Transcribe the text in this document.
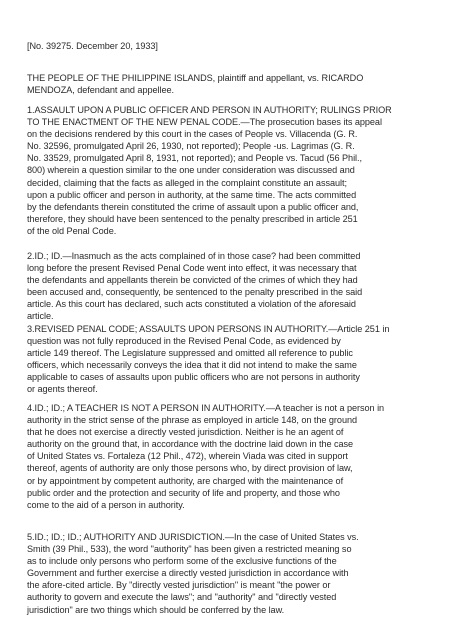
[No. 39275. December 20, 1933]

THE PEOPLE OF THE PHILIPPINE ISLANDS, plaintiff and appellant, vs. RICARDO
MENDOZA, defendant and appellee.

1.ASSAULT UPON A PUBLIC OFFICER AND PERSON IN AUTHORITY; RULINGS PRIOR
TO THE ENACTMENT OF THE NEW PENAL CODE.—The prosecution bases its appeal
on the decisions rendered by this court in the cases of People vs. Villacenda (G. R.
No. 32596, promulgated April 26, 1930, not reported); People -us. Lagrimas (G. R.
No. 33529, promulgated April 8, 1931, not reported); and People vs. Tacud (56 Phil.,
800) wherein a question similar to the one under consideration was discussed and
decided, claiming that the facts as alleged in the complaint constitute an assault;
upon a public officer and person in authority, at the same time. The acts committed
by the defendants therein constituted the crime of assault upon a public officer and,
therefore, they should have been sentenced to the penalty prescribed in article 251
of the old Penal Code.

2.ID.; ID.—Inasmuch as the acts complained of in those case? had been committed
long before the present Revised Penal Code went into effect, it was necessary that
the defendants and appellants therein be convicted of the crimes of which they had
been accused and, consequently, be sentenced to the penalty prescribed in the said
article. As this court has declared, such acts constituted a violation of the aforesaid
article.

3.REVISED PENAL CODE; ASSAULTS UPON PERSONS IN AUTHORITY.—Article 251 in
question was not fully reproduced in the Revised Penal Code, as evidenced by
article 149 thereof. The Legislature suppressed and omitted all reference to public
officers, which necessarily conveys the idea that it did not intend to make the same
applicable to cases of assaults upon public officers who are not persons in authority
or agents thereof.

4.ID.; ID.; A TEACHER IS NOT A PERSON IN AUTHORITY.—A teacher is not a person in
authority in the strict sense of the phrase as employed in article 148, on the ground
that he does not exercise a directly vested jurisdiction. Neither is he an agent of
authority on the ground that, in accordance with the doctrine laid down in the case
of United States vs. Fortaleza (12 Phil., 472), wherein Viada was cited in support
thereof, agents of authority are only those persons who, by direct provision of law,
or by appointment by competent authority, are charged with the maintenance of
public order and the protection and security of life and property, and those who
come to the aid of a person in authority.

5.ID.; ID.; ID.; AUTHORITY AND JURISDICTION.—In the case of United States vs.
Smith (39 Phil., 533), the word "authority" has been given a restricted meaning so
as to include only persons who perform some of the exclusive functions of the
Government and further exercise a directly vested jurisdiction in accordance with
the afore-cited article. By "directly vested jurisdiction" is meant "the power or
authority to govern and execute the laws"; and "authority" and "directly vested
jurisdiction" are two things which should be conferred by the law.
